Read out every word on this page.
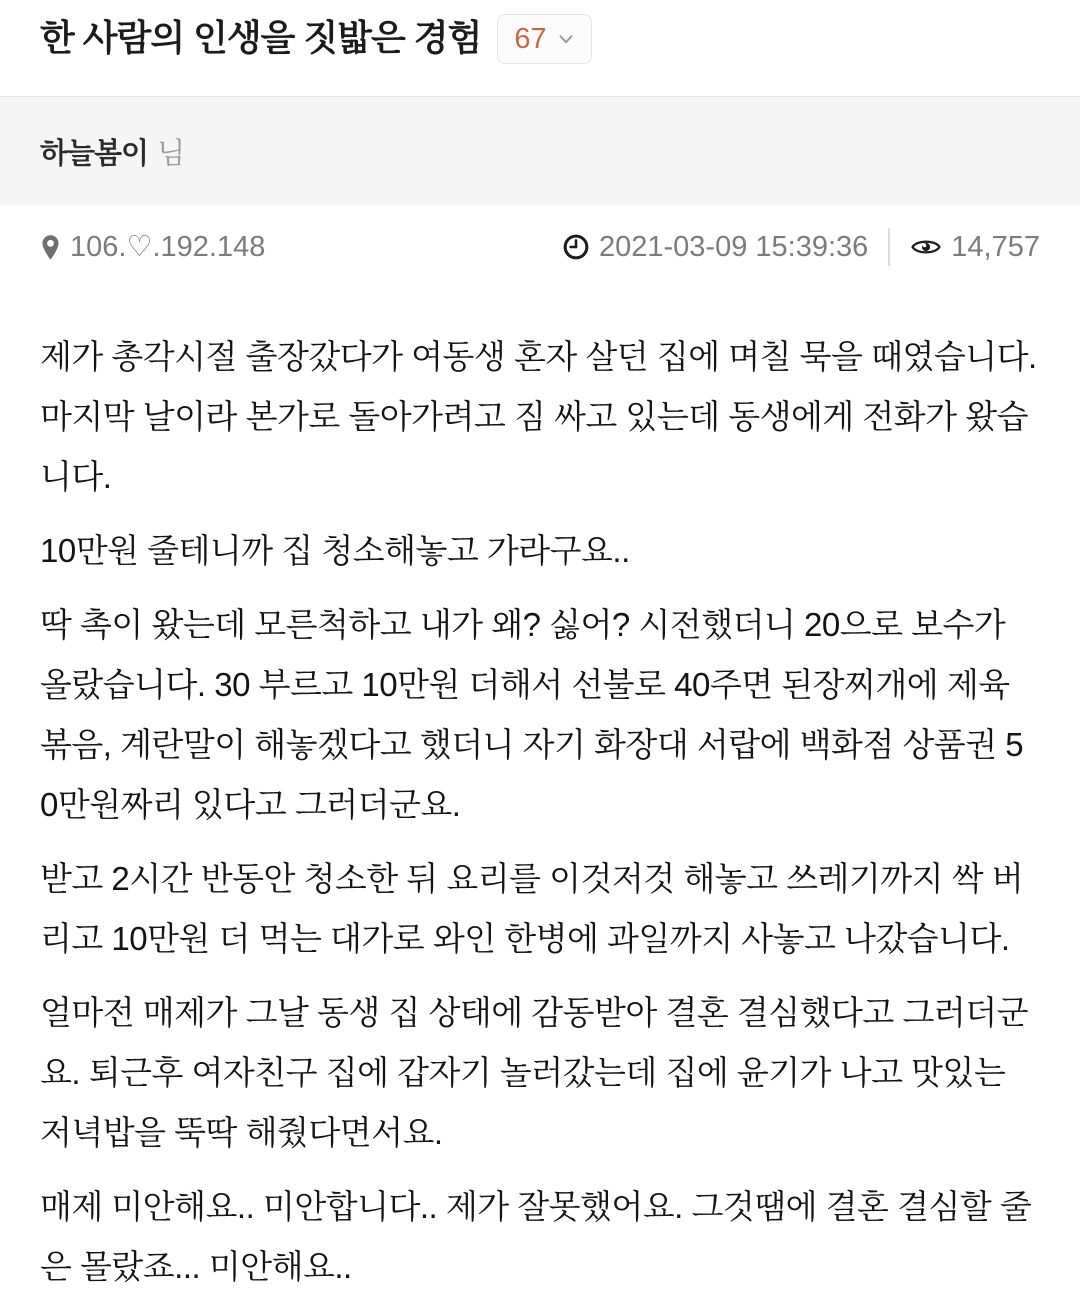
한 사람의 인생을 짓밟은 경험 67
하늘봄이 님
106.♡.192.148	2021-03-09 15:39:36	14,757

제가 총각시절 출장갔다가 여동생 혼자 살던 집에 며칠 묵을 때였습니다. 마지막 날이라 본가로 돌아가려고 짐 싸고 있는데 동생에게 전화가 왔습니다.

10만원 줄테니까 집 청소해놓고 가라구요..

딱 촉이 왔는데 모른척하고 내가 왜? 싫어? 시전했더니 20으로 보수가 올랐습니다. 30 부르고 10만원 더해서 선불로 40주면 된장찌개에 제육볶음, 계란말이 해놓겠다고 했더니 자기 화장대 서랍에 백화점 상품권 50만원짜리 있다고 그러더군요.

받고 2시간 반동안 청소한 뒤 요리를 이것저것 해놓고 쓰레기까지 싹 버리고 10만원 더 먹는 대가로 와인 한병에 과일까지 사놓고 나갔습니다.

얼마전 매제가 그날 동생 집 상태에 감동받아 결혼 결심했다고 그러더군요. 퇴근후 여자친구 집에 갑자기 놀러갔는데 집에 윤기가 나고 맛있는 저녁밥을 뚝딱 해줬다면서요.

매제 미안해요.. 미안합니다.. 제가 잘못했어요. 그것땜에 결혼 결심할 줄은 몰랐죠... 미안해요..
